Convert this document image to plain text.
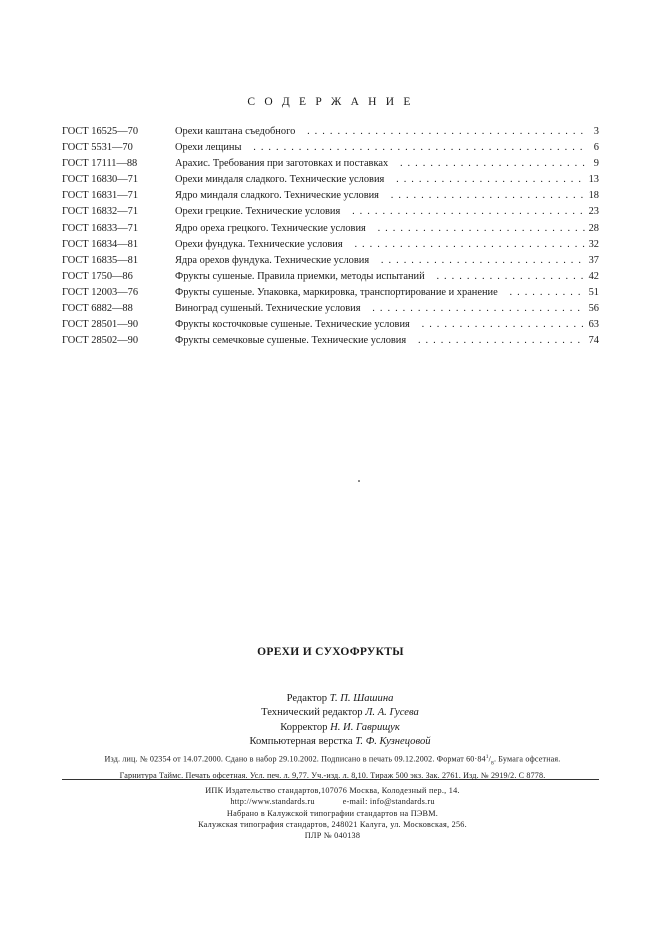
С О Д Е Р Ж А Н И Е
ГОСТ 16525—70	Орехи каштана съедобного . .	3
ГОСТ 5531—70	Орехи лещины . .	6
ГОСТ 17111—88	Арахис. Требования при заготовках и поставках . .	9
ГОСТ 16830—71	Орехи миндаля сладкого. Технические условия . .	13
ГОСТ 16831—71	Ядро миндаля сладкого. Технические условия . .	18
ГОСТ 16832—71	Орехи грецкие. Технические условия . .	23
ГОСТ 16833—71	Ядро ореха грецкого. Технические условия . .	28
ГОСТ 16834—81	Орехи фундука. Технические условия . .	32
ГОСТ 16835—81	Ядра орехов фундука. Технические условия . .	37
ГОСТ 1750—86	Фрукты сушеные. Правила приемки, методы испытаний . .	42
ГОСТ 12003—76	Фрукты сушеные. Упаковка, маркировка, транспортирование и хранение . .	51
ГОСТ 6882—88	Виноград сушеный. Технические условия . .	56
ГОСТ 28501—90	Фрукты косточковые сушеные. Технические условия . .	63
ГОСТ 28502—90	Фрукты семечковые сушеные. Технические условия . .	74
ОРЕХИ И СУХОФРУКТЫ
Редактор Т. П. Шашина
Технический редактор Л. А. Гусева
Корректор Н. И. Гаврищук
Компьютерная верстка Т. Ф. Кузнецовой
Изд. лиц. № 02354 от 14.07.2000. Сдано в набор 29.10.2002. Подписано в печать 09.12.2002. Формат $60\cdot 84^1/_8$. Бумага офсетная.
Гарнитура Таймс. Печать офсетная. Усл. печ. л. 9,77. Уч.-изд. л. 8,10. Тираж 500 экз. Зак. 2761. Изд. № 2919/2. С 8778.
ИПК Издательство стандартов,107076 Москва, Колодезный пер., 14.
http://www.standards.ru	e-mail: info@standards.ru
Набрано в Калужской типографии стандартов на ПЭВМ.
Калужская типография стандартов, 248021 Калуга, ул. Московская, 256.
ПЛР № 040138
